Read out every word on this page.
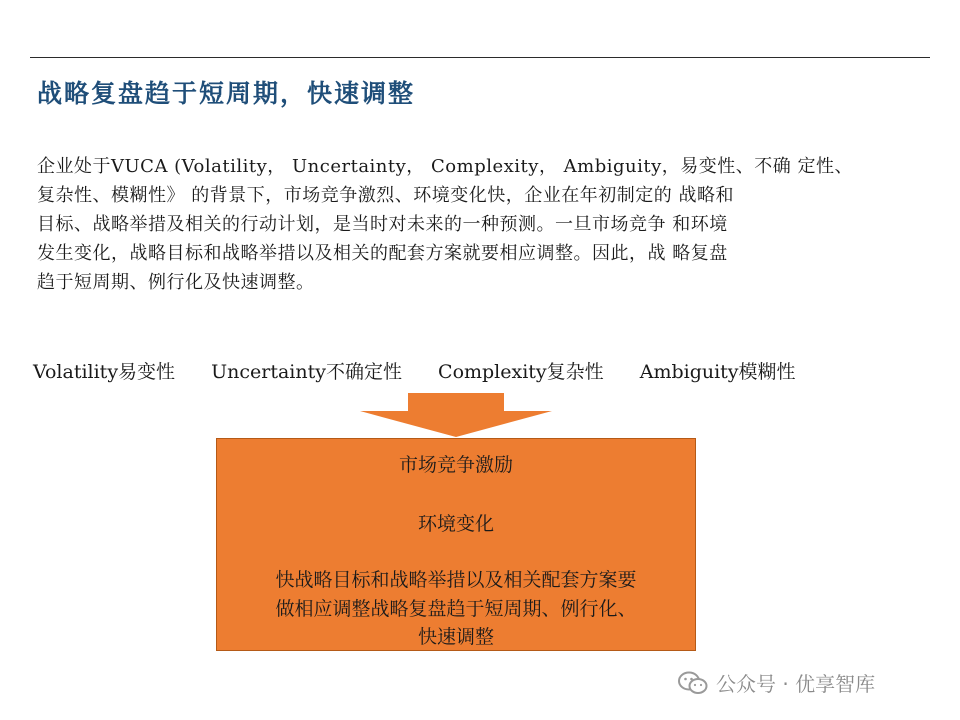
战略复盘趋于短周期，快速调整

企业处于VUCA (Volatility， Uncertainty， Complexity， Ambiguity，易变性、不确 定性、

复杂性、模糊性》 的背景下，市场竞争激烈、环境变化快，企业在年初制定的 战略和

目标、战略举措及相关的行动计划，是当时对未来的一种预测。一旦市场竞争 和环境

发生变化，战略目标和战略举措以及相关的配套方案就要相应调整。因此，战 略复盘

趋于短周期、例行化及快速调整。

Volatility易变性 Uncertainty不确定性 Complexity复杂性 Ambiguity模糊性
市场竞争激励
环境变化
快战略目标和战略举措以及相关配套方案要
做相应调整战略复盘趋于短周期、例行化、
快速调整
公众号 · 优享智库
